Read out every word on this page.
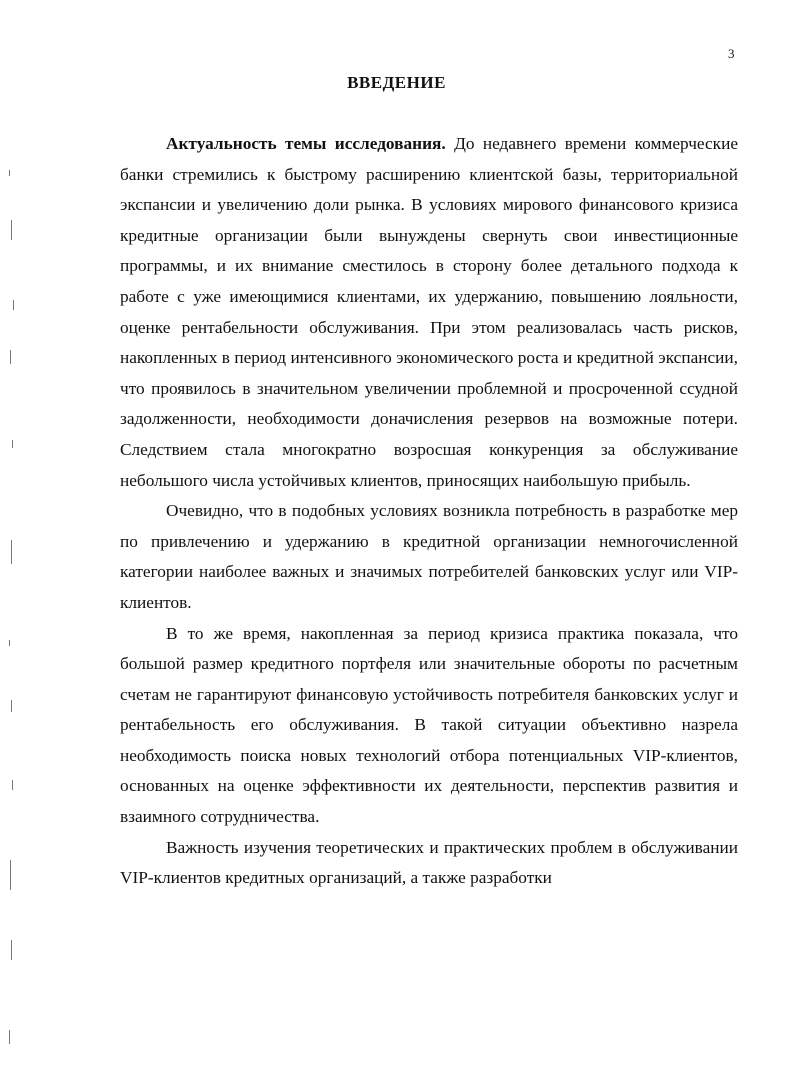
3
ВВЕДЕНИЕ

Актуальность темы исследования. До недавнего времени коммерческие банки стремились к быстрому расширению клиентской базы, территориальной экспансии и увеличению доли рынка. В условиях мирового финансового кризиса кредитные организации были вынуждены свернуть свои инвестиционные программы, и их внимание сместилось в сторону более детального подхода к работе с уже имеющимися клиентами, их удержанию, повышению лояльности, оценке рентабельности обслуживания. При этом реализовалась часть рисков, накопленных в период интенсивного экономического роста и кредитной экспансии, что проявилось в значительном увеличении проблемной и просроченной ссудной задолженности, необходимости доначисления резервов на возможные потери. Следствием стала многократно возросшая конкуренция за обслуживание небольшого числа устойчивых клиентов, приносящих наибольшую прибыль.

Очевидно, что в подобных условиях возникла потребность в разработке мер по привлечению и удержанию в кредитной организации немногочисленной категории наиболее важных и значимых потребителей банковских услуг или VIP-клиентов.

В то же время, накопленная за период кризиса практика показала, что большой размер кредитного портфеля или значительные обороты по расчетным счетам не гарантируют финансовую устойчивость потребителя банковских услуг и рентабельность его обслуживания. В такой ситуации объективно назрела необходимость поиска новых технологий отбора потенциальных VIP-клиентов, основанных на оценке эффективности их деятельности, перспектив развития и взаимного сотрудничества.

Важность изучения теоретических и практических проблем в обслуживании VIP-клиентов кредитных организаций, а также разработки
